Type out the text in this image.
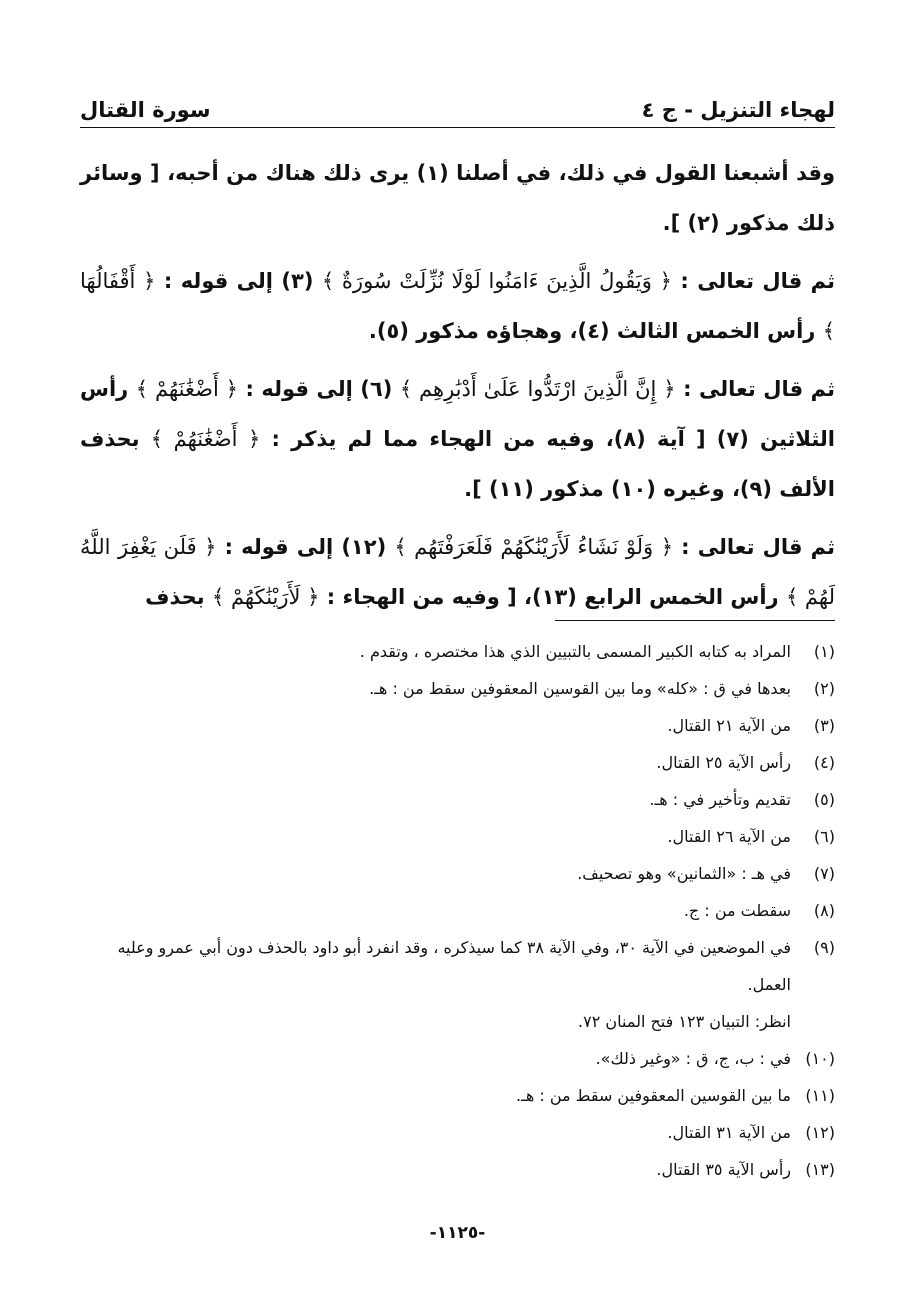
لهجاء التنزيل - ج ٤
سورة القتال

وقد أشبعنا القول في ذلك، في أصلنا (١) يرى ذلك هناك من أحبه، [ وسائر ذلك مذكور (٢) ].

ثم قال تعالى : ﴿ وَيَقُولُ الَّذِينَ ءَامَنُوا لَوْلَا نُزِّلَتْ سُورَةٌ ﴾ (٣) إلى قوله : ﴿ أَقْفَالُهَا ﴾ رأس الخمس الثالث (٤)، وهجاؤه مذكور (٥).

ثم قال تعالى : ﴿ إِنَّ الَّذِينَ ارْتَدُّوا عَلَىٰ أَدْبَٰرِهِم ﴾ (٦) إلى قوله : ﴿ أَضْغَٰنَهُمْ ﴾ رأس الثلاثين (٧) [ آية (٨)، وفيه من الهجاء مما لم يذكر : ﴿ أَضْغَٰنَهُمْ ﴾ بحذف الألف (٩)، وغيره (١٠) مذكور (١١) ].

ثم قال تعالى : ﴿ وَلَوْ نَشَاءُ لَأَرَيْنَٰكَهُمْ فَلَعَرَفْتَهُم ﴾ (١٢) إلى قوله : ﴿ فَلَن يَغْفِرَ اللَّهُ لَهُمْ ﴾ رأس الخمس الرابع (١٣)، [ وفيه من الهجاء : ﴿ لَأَرَيْنَٰكَهُمْ ﴾ بحذف

(١)
المراد به كتابه الكبير المسمى بالتبيين الذي هذا مختصره ، وتقدم .
(٢)
بعدها في ق : «كله» وما بين القوسين المعقوفين سقط من : هـ.
(٣)
من الآية ٢١ القتال.
(٤)
رأس الآية ٢٥ القتال.
(٥)
تقديم وتأخير في : هـ.
(٦)
من الآية ٢٦ القتال.
(٧)
في هـ : «الثمانين» وهو تصحيف.
(٨)
سقطت من : ج.
(٩)
في الموضعين في الآية ٣٠، وفي الآية ٣٨ كما سيذكره ، وقد انفرد أبو داود بالحذف دون أبي عمرو وعليه العمل.
انظر: التبيان ١٢٣ فتح المنان ٧٢.
(١٠)
في : ب، ج، ق : «وغير ذلك».
(١١)
ما بين القوسين المعقوفين سقط من : هـ.
(١٢)
من الآية ٣١ القتال.
(١٣)
رأس الآية ٣٥ القتال.
-١١٢٥-
